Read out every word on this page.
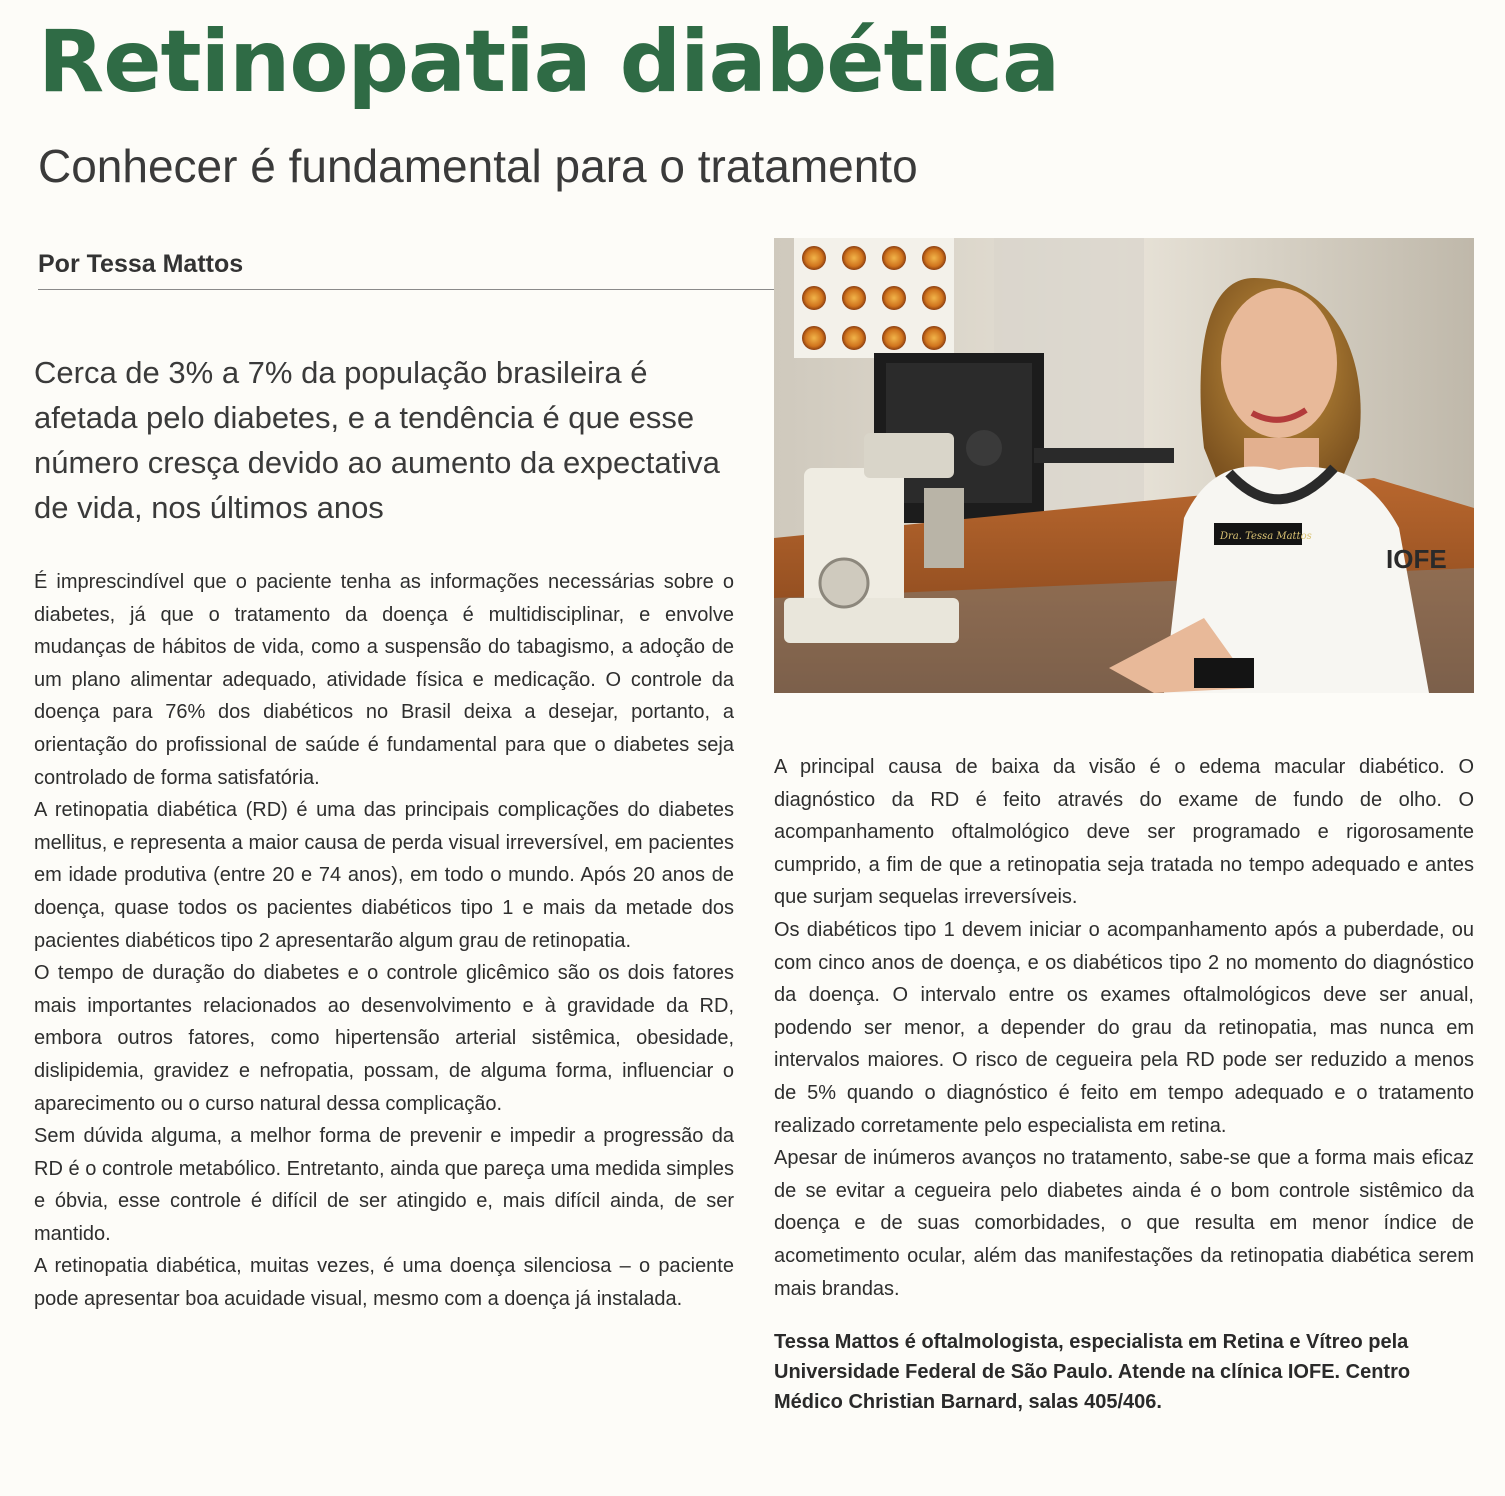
Retinopatia diabética
Conhecer é fundamental para o tratamento
Por Tessa Mattos

Cerca de 3% a 7% da população brasileira é afetada pelo diabetes, e a tendência é que esse número cresça devido ao aumento da expectativa de vida, nos últimos anos

Dra. Tessa Mattos
IOFE

É imprescindível que o paciente tenha as informações necessárias sobre o diabetes, já que o tratamento da doença é multidisciplinar, e envolve mudanças de hábitos de vida, como a suspensão do tabagismo, a adoção de um plano alimentar adequado, atividade física e medicação. O controle da doença para 76% dos diabéticos no Brasil deixa a desejar, portanto, a orientação do profissional de saúde é fundamental para que o diabetes seja controlado de forma satisfatória.

A retinopatia diabética (RD) é uma das principais complicações do diabetes mellitus, e representa a maior causa de perda visual irreversível, em pacientes em idade produtiva (entre 20 e 74 anos), em todo o mundo. Após 20 anos de doença, quase todos os pacientes diabéticos tipo 1 e mais da metade dos pacientes diabéticos tipo 2 apresentarão algum grau de retinopatia.

O tempo de duração do diabetes e o controle glicêmico são os dois fatores mais importantes relacionados ao desenvolvimento e à gravidade da RD, embora outros fatores, como hipertensão arterial sistêmica, obesidade, dislipidemia, gravidez e nefropatia, possam, de alguma forma, influenciar o aparecimento ou o curso natural dessa complicação.

Sem dúvida alguma, a melhor forma de prevenir e impedir a progressão da RD é o controle metabólico. Entretanto, ainda que pareça uma medida simples e óbvia, esse controle é difícil de ser atingido e, mais difícil ainda, de ser mantido.

A retinopatia diabética, muitas vezes, é uma doença silenciosa – o paciente pode apresentar boa acuidade visual, mesmo com a doença já instalada.

A principal causa de baixa da visão é o edema macular diabético. O diagnóstico da RD é feito através do exame de fundo de olho. O acompanhamento oftalmológico deve ser programado e rigorosamente cumprido, a fim de que a retinopatia seja tratada no tempo adequado e antes que surjam sequelas irreversíveis.

Os diabéticos tipo 1 devem iniciar o acompanhamento após a puberdade, ou com cinco anos de doença, e os diabéticos tipo 2 no momento do diagnóstico da doença. O intervalo entre os exames oftalmológicos deve ser anual, podendo ser menor, a depender do grau da retinopatia, mas nunca em intervalos maiores. O risco de cegueira pela RD pode ser reduzido a menos de 5% quando o diagnóstico é feito em tempo adequado e o tratamento realizado corretamente pelo especialista em retina.

Apesar de inúmeros avanços no tratamento, sabe-se que a forma mais eficaz de se evitar a cegueira pelo diabetes ainda é o bom controle sistêmico da doença e de suas comorbidades, o que resulta em menor índice de acometimento ocular, além das manifestações da retinopatia diabética serem mais brandas.

Tessa Mattos é oftalmologista, especialista em Retina e Vítreo pela Universidade Federal de São Paulo. Atende na clínica IOFE. Centro Médico Christian Barnard, salas 405/406.
